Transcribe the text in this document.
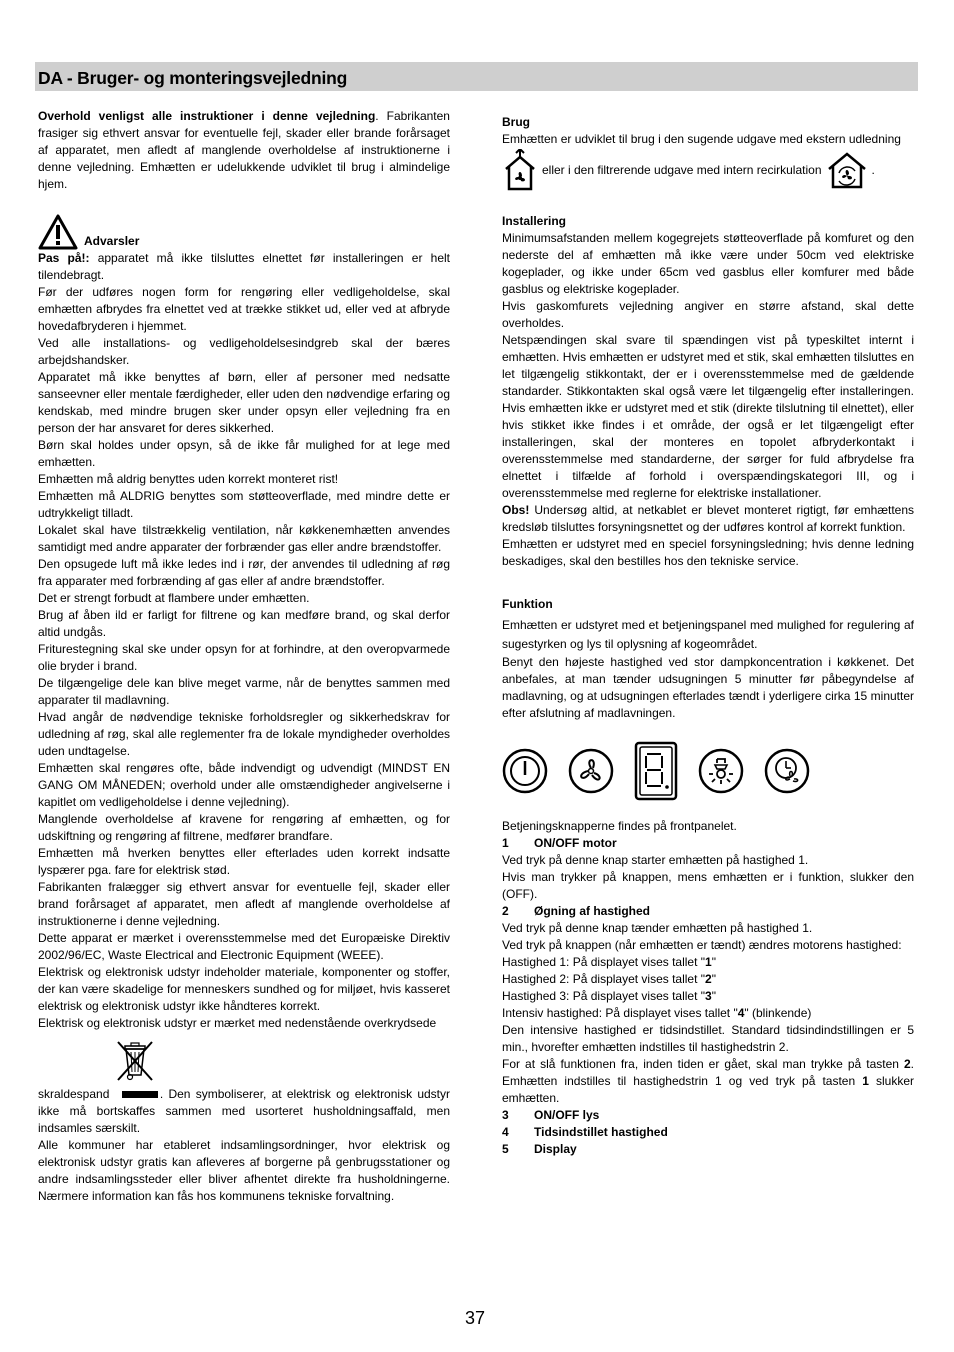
DA - Bruger- og monteringsvejledning

Overhold venligst alle instruktioner i denne vejledning. Fabrikanten frasiger sig ethvert ansvar for eventuelle fejl, skader eller brande forårsaget af apparatet, men afledt af manglende overholdelse af instruktionerne i denne vejledning. Emhætten er udelukkende udviklet til brug i almindelige hjem.

Advarsler

Pas på!: apparatet må ikke tilsluttes elnettet før installeringen er helt tilendebragt.

Før der udføres nogen form for rengøring eller vedligeholdelse, skal emhætten afbrydes fra elnettet ved at trække stikket ud, eller ved at afbryde hovedafbryderen i hjemmet.

Ved alle installations- og vedligeholdelsesindgreb skal der bæres arbejdshandsker.

Apparatet må ikke benyttes af børn, eller af personer med nedsatte sanseevner eller mentale færdigheder, eller uden den nødvendige erfaring og kendskab, med mindre brugen sker under opsyn eller vejledning fra en person der har ansvaret for deres sikkerhed.

Børn skal holdes under opsyn, så de ikke får mulighed for at lege med emhætten.

Emhætten må aldrig benyttes uden korrekt monteret rist!

Emhætten må ALDRIG benyttes som støtteoverflade, med mindre dette er udtrykkeligt tilladt.

Lokalet skal have tilstrækkelig ventilation, når køkkenemhætten anvendes samtidigt med andre apparater der forbrænder gas eller andre brændstoffer.

Den opsugede luft må ikke ledes ind i rør, der anvendes til udledning af røg fra apparater med forbrænding af gas eller af andre brændstoffer.

Det er strengt forbudt at flambere under emhætten.

Brug af åben ild er farligt for filtrene og kan medføre brand, og skal derfor altid undgås.

Friturestegning skal ske under opsyn for at forhindre, at den overopvarmede olie bryder i brand.

De tilgængelige dele kan blive meget varme, når de benyttes sammen med apparater til madlavning.

Hvad angår de nødvendige tekniske forholdsregler og sikkerhedskrav for udledning af røg, skal alle reglementer fra de lokale myndigheder overholdes uden undtagelse.

Emhætten skal rengøres ofte, både indvendigt og udvendigt (MINDST EN GANG OM MÅNEDEN; overhold under alle omstændigheder angivelserne i kapitlet om vedligeholdelse i denne vejledning).

Manglende overholdelse af kravene for rengøring af emhætten, og for udskiftning og rengøring af filtrene, medfører brandfare.

Emhætten må hverken benyttes eller efterlades uden korrekt indsatte lyspærer pga. fare for elektrisk stød.

Fabrikanten fralægger sig ethvert ansvar for eventuelle fejl, skader eller brand forårsaget af apparatet, men afledt af manglende overholdelse af instruktionerne i denne vejledning.

Dette apparat er mærket i overensstemmelse med det Europæiske Direktiv 2002/96/EC, Waste Electrical and Electronic Equipment (WEEE).

Elektrisk og elektronisk udstyr indeholder materiale, komponenter og stoffer, der kan være skadelige for menneskers sundhed og for miljøet, hvis kasseret elektrisk og elektronisk udstyr ikke håndteres korrekt.

Elektrisk og elektronisk udstyr er mærket med nedenstående overkrydsede

skraldespand	. Den symboliserer, at elektrisk og elektronisk udstyr ikke må bortskaffes sammen med usorteret husholdningsaffald, men indsamles særskilt.

Alle kommuner har etableret indsamlingsordninger, hvor elektrisk og elektronisk udstyr gratis kan afleveres af borgerne på genbrugsstationer og andre indsamlingssteder eller bliver afhentet direkte fra husholdningerne. Nærmere information kan fås hos kommunens tekniske forvaltning.

Brug

Emhætten er udviklet til brug i den sugende udgave med ekstern udledning

eller i den filtrerende udgave med intern recirkulation	.
Installering

Minimumsafstanden mellem kogegrejets støtteoverflade på komfuret og den nederste del af emhætten må ikke være under 50cm ved elektriske kogeplader, og ikke under 65cm ved gasblus eller komfurer med både gasblus og elektriske kogeplader.

Hvis gaskomfurets vejledning angiver en større afstand, skal dette overholdes.

Netspændingen skal svare til spændingen vist på typeskiltet internt i emhætten. Hvis emhætten er udstyret med et stik, skal emhætten tilsluttes en let tilgængelig stikkontakt, der er i overensstemmelse med de gældende standarder. Stikkontakten skal også være let tilgængelig efter installeringen. Hvis emhætten ikke er udstyret med et stik (direkte tilslutning til elnettet), eller hvis stikket ikke findes i et område, der også er let tilgængeligt efter installeringen, skal der monteres en topolet afbryderkontakt i overensstemmelse med standarderne, der sørger for fuld afbrydelse fra elnettet i tilfælde af forhold i overspændingskategori III, og i overensstemmelse med reglerne for elektriske installationer.

Obs! Undersøg altid, at netkablet er blevet monteret rigtigt, før emhættens kredsløb tilsluttes forsyningsnettet og der udføres kontrol af korrekt funktion.

Emhætten er udstyret med en speciel forsyningsledning; hvis denne ledning beskadiges, skal den bestilles hos den tekniske service.

Funktion

Emhætten er udstyret med et betjeningspanel med mulighed for regulering af sugestyrken og lys til oplysning af kogeområdet.

Benyt den højeste hastighed ved stor dampkoncentration i køkkenet. Det anbefales, at man tænder udsugningen 5 minutter før påbegyndelse af madlavning, og at udsugningen efterlades tændt i yderligere cirka 15 minutter efter afslutning af madlavningen.

Betjeningsknapperne findes på frontpanelet.

1	ON/OFF motor

Ved tryk på denne knap starter emhætten på hastighed 1.

Hvis man trykker på knappen, mens emhætten er i funktion, slukker den (OFF).

2	Øgning af hastighed

Ved tryk på denne knap tænder emhætten på hastighed 1.

Ved tryk på knappen (når emhætten er tændt) ændres motorens hastighed:

Hastighed 1: På displayet vises tallet "1"

Hastighed 2: På displayet vises tallet "2"

Hastighed 3: På displayet vises tallet "3"

Intensiv hastighed: På displayet vises tallet "4" (blinkende)

Den intensive hastighed er tidsindstillet. Standard tidsindindstillingen er 5 min., hvorefter emhætten indstilles til hastighedstrin 2.

For at slå funktionen fra, inden tiden er gået, skal man trykke på tasten 2. Emhætten indstilles til hastighedstrin 1 og ved tryk på tasten 1 slukker emhætten.

3	ON/OFF lys
4	Tidsindstillet hastighed
5	Display
37
